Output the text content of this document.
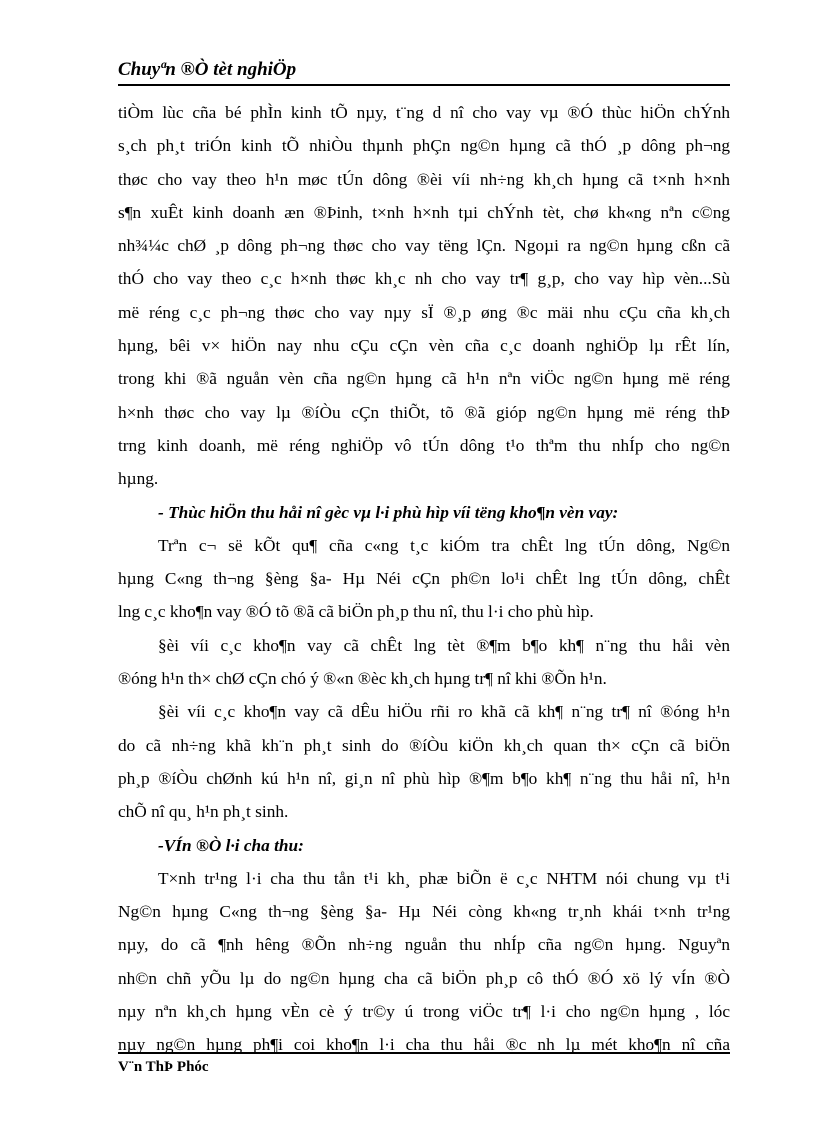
Chuyªn ®Ò tèt nghiÖp
tiÒm lùc cña bé phÌn kinh tÕ nµy, t¨ng d nî cho vay vµ ®Ó thùc hiÖn chÝnh
s¸ch ph¸t triÓn kinh tÕ nhiÒu thµnh phÇn ng©n hµng cã thÓ ¸p dông ph¬ng
thøc cho vay theo h¹n møc tÚn dông ®èi víi nh÷ng kh¸ch hµng cã t×nh h×nh
s¶n xuÊt kinh doanh æn ®Þinh, t×nh h×nh tµi chÝnh tèt, chø kh«ng nªn c©ng
nh¾¼c chØ ¸p dông ph¬ng thøc cho vay tëng lÇn. Ngoµi ra ng©n hµng cßn cã
thÓ cho vay theo c¸c h×nh thøc kh¸c nh cho vay tr¶ g¸p, cho vay hìp vèn...Sù
më réng c¸c ph¬ng thøc cho vay nµy sÏ ®¸p øng ®c mäi nhu cÇu cña kh¸ch
hµng, bêi v× hiÖn nay nhu cÇu cÇn vèn cña c¸c doanh nghiÖp lµ rÊt lín,
trong khi ®ã nguån vèn cña ng©n hµng cã h¹n nªn viÖc ng©n hµng më réng
h×nh thøc cho vay lµ ®íÒu cÇn thiÕt, tõ ®ã gióp ng©n hµng më réng thÞ
trng kinh doanh, më réng nghiÖp vô tÚn dông t¹o thªm thu nhÍp cho ng©n
hµng.
- Thùc hiÖn thu håi nî gèc vµ l·i phù hìp víi tëng kho¶n vèn vay:
Trªn c¬ së kÕt qu¶ cña c«ng t¸c kiÓm tra chÊt lng tÚn dông, Ng©n
hµng C«ng th¬ng §èng §a- Hµ Néi cÇn ph©n lo¹i chÊt lng tÚn dông, chÊt
lng c¸c kho¶n vay ®Ó tõ ®ã cã biÖn ph¸p thu nî, thu l·i cho phù hìp.
§èi víi c¸c kho¶n vay cã chÊt lng tèt ®¶m b¶o kh¶ n¨ng thu håi vèn
®óng h¹n th× chØ cÇn chó ý ®«n ®èc kh¸ch hµng tr¶ nî khi ®Õn h¹n.
§èi víi c¸c kho¶n vay cã dÊu hiÖu rñi ro khã cã kh¶ n¨ng tr¶ nî ®óng h¹n
do cã nh÷ng khã kh¨n ph¸t sinh do ®íÒu kiÖn kh¸ch quan th× cÇn cã biÖn
ph¸p ®íÒu chØnh kú h¹n nî, gi¸n nî phù hìp ®¶m b¶o kh¶ n¨ng thu håi nî, h¹n
chÕ nî qu¸ h¹n ph¸t sinh.
-VÍn ®Ò l·i cha thu:
T×nh tr¹ng l·i cha thu tån t¹i kh¸ phæ biÕn ë c¸c NHTM nói chung vµ t¹i
Ng©n hµng C«ng th¬ng §èng §a- Hµ Néi còng kh«ng tr¸nh khái t×nh tr¹ng
nµy, do cã ¶nh hêng ®Õn nh÷ng nguån thu nhÍp cña ng©n hµng. Nguyªn
nh©n chñ yÕu lµ do ng©n hµng cha cã biÖn ph¸p cô thÓ ®Ó xö lý vÍn ®Ò
nµy nªn kh¸ch hµng vÈn cè ý tr©y ú trong viÖc tr¶ l·i cho ng©n hµng , lóc
nµy ng©n hµng ph¶i coi kho¶n l·i cha thu håi ®c nh lµ mét kho¶n nî cña
V¨n ThÞ Phóc
